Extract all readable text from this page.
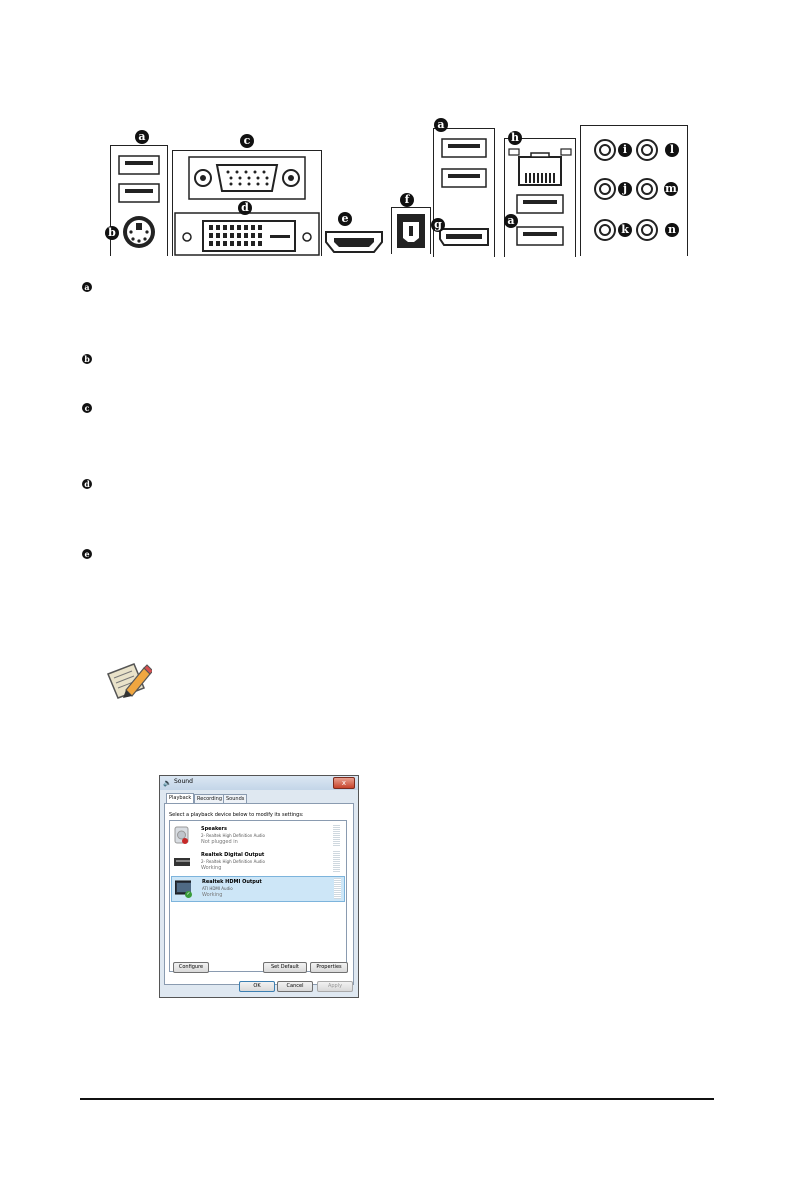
a
b
c
d
e
f
a
g
h
a
i	l
j	m
k	n
a
b
c
d
e
🔈 Sound	x
Playback	Recording Sounds
Select a playback device below to modify its settings:
Speakers
2- Realtek High Definition Audio
Not plugged in
Realtek Digital Output
2- Realtek High Definition Audio
Working
✓
Realtek HDMI Output
ATI HDMI Audio
Working
Configure	Set Default	Properties
OK	Cancel	Apply
